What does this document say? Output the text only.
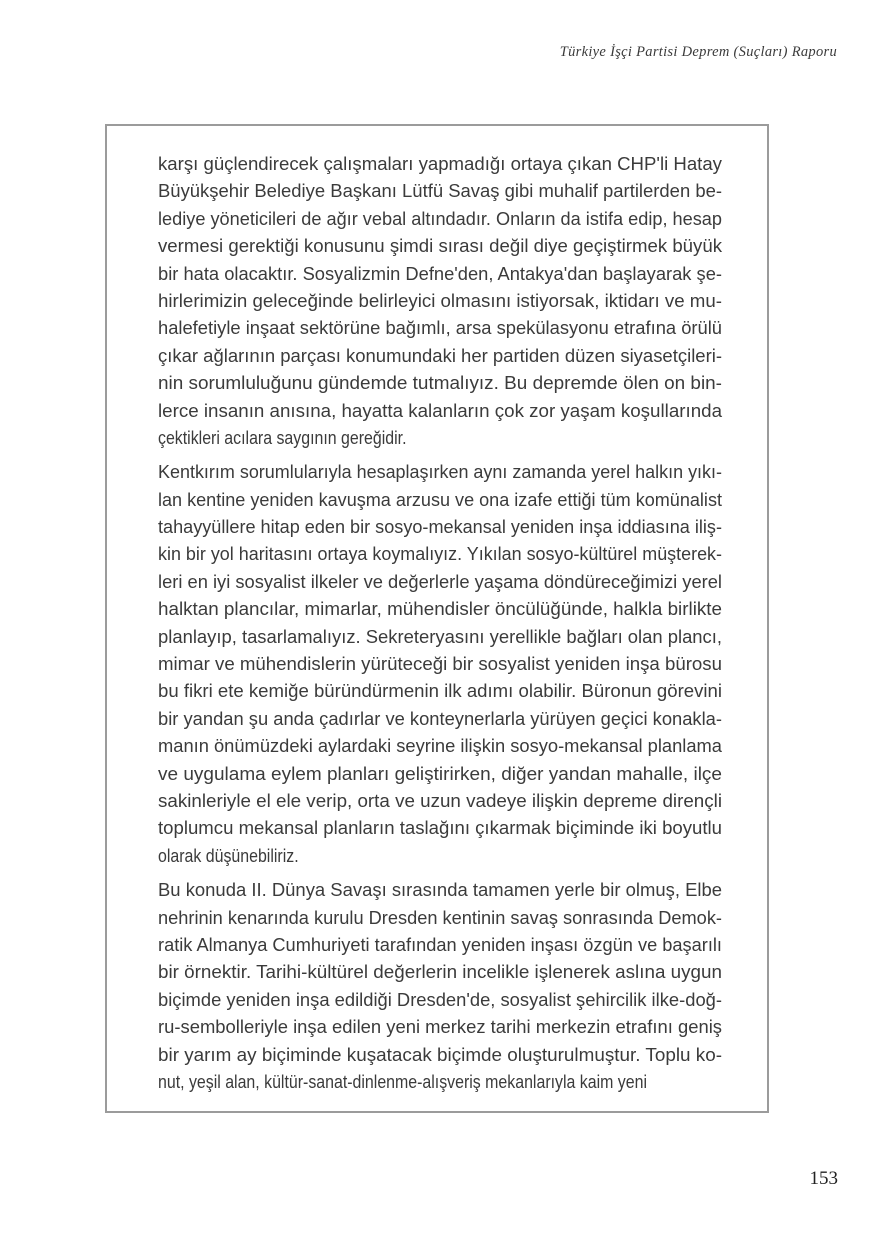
Türkiye İşçi Partisi Deprem (Suçları) Raporu
karşı güçlendirecek çalışmaları yapmadığı ortaya çıkan CHP'li Hatay
Büyükşehir Belediye Başkanı Lütfü Savaş gibi muhalif partilerden be-
lediye yöneticileri de ağır vebal altındadır. Onların da istifa edip, hesap
vermesi gerektiği konusunu şimdi sırası değil diye geçiştirmek büyük
bir hata olacaktır. Sosyalizmin Defne'den, Antakya'dan başlayarak şe-
hirlerimizin geleceğinde belirleyici olmasını istiyorsak, iktidarı ve mu-
halefetiyle inşaat sektörüne bağımlı, arsa spekülasyonu etrafına örülü
çıkar ağlarının parçası konumundaki her partiden düzen siyasetçileri-
nin sorumluluğunu gündemde tutmalıyız. Bu depremde ölen on bin-
lerce insanın anısına, hayatta kalanların çok zor yaşam koşullarında
çektikleri acılara saygının gereğidir.
Kentkırım sorumlularıyla hesaplaşırken aynı zamanda yerel halkın yıkı-
lan kentine yeniden kavuşma arzusu ve ona izafe ettiği tüm komünalist
tahayyüllere hitap eden bir sosyo-mekansal yeniden inşa iddiasına iliş-
kin bir yol haritasını ortaya koymalıyız. Yıkılan sosyo-kültürel müşterek-
leri en iyi sosyalist ilkeler ve değerlerle yaşama döndüreceğimizi yerel
halktan plancılar, mimarlar, mühendisler öncülüğünde, halkla birlikte
planlayıp, tasarlamalıyız. Sekreteryasını yerellikle bağları olan plancı,
mimar ve mühendislerin yürüteceği bir sosyalist yeniden inşa bürosu
bu fikri ete kemiğe büründürmenin ilk adımı olabilir. Büronun görevini
bir yandan şu anda çadırlar ve konteynerlarla yürüyen geçici konakla-
manın önümüzdeki aylardaki seyrine ilişkin sosyo-mekansal planlama
ve uygulama eylem planları geliştirirken, diğer yandan mahalle, ilçe
sakinleriyle el ele verip, orta ve uzun vadeye ilişkin depreme dirençli
toplumcu mekansal planların taslağını çıkarmak biçiminde iki boyutlu
olarak düşünebiliriz.
Bu konuda II. Dünya Savaşı sırasında tamamen yerle bir olmuş, Elbe
nehrinin kenarında kurulu Dresden kentinin savaş sonrasında Demok-
ratik Almanya Cumhuriyeti tarafından yeniden inşası özgün ve başarılı
bir örnektir. Tarihi-kültürel değerlerin incelikle işlenerek aslına uygun
biçimde yeniden inşa edildiği Dresden'de, sosyalist şehircilik ilke-doğ-
ru-sembolleriyle inşa edilen yeni merkez tarihi merkezin etrafını geniş
bir yarım ay biçiminde kuşatacak biçimde oluşturulmuştur. Toplu ko-
nut, yeşil alan, kültür-sanat-dinlenme-alışveriş mekanlarıyla kaim yeni
153
